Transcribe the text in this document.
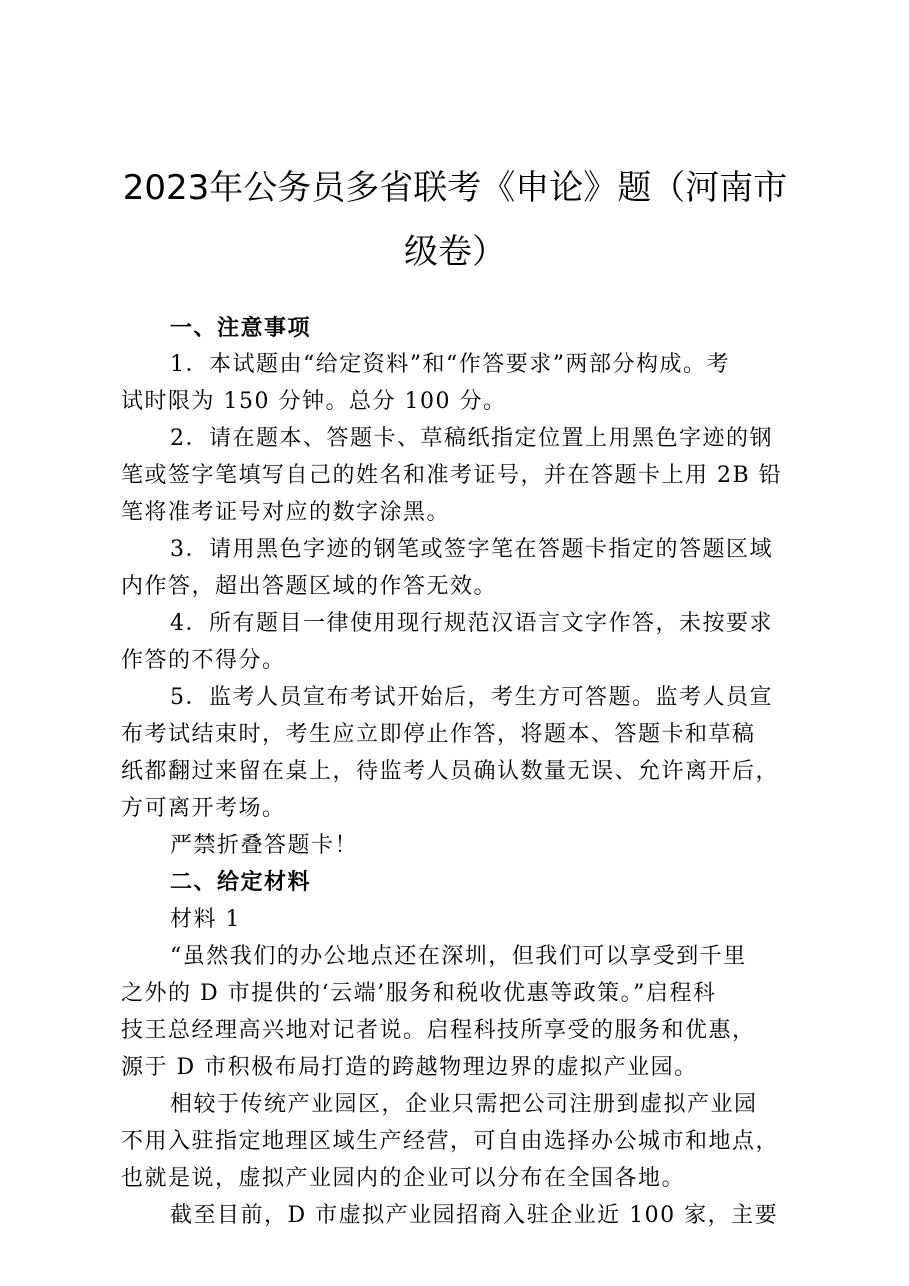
2023年公务员多省联考《申论》题（河南市
级卷）
一、注意事项
1．本试题由“给定资料”和“作答要求”两部分构成。考
试时限为 150 分钟。总分 100 分。
2．请在题本、答题卡、草稿纸指定位置上用黑色字迹的钢
笔或签字笔填写自己的姓名和准考证号，并在答题卡上用 2B 铅
笔将准考证号对应的数字涂黑。
3．请用黑色字迹的钢笔或签字笔在答题卡指定的答题区域
内作答，超出答题区域的作答无效。
4．所有题目一律使用现行规范汉语言文字作答，未按要求
作答的不得分。
5．监考人员宣布考试开始后，考生方可答题。监考人员宣
布考试结束时，考生应立即停止作答，将题本、答题卡和草稿
纸都翻过来留在桌上，待监考人员确认数量无误、允许离开后，
方可离开考场。
严禁折叠答题卡！
二、给定材料
材料 1
“虽然我们的办公地点还在深圳，但我们可以享受到千里
之外的 D 市提供的‘云端’服务和税收优惠等政策。”启程科
技王总经理高兴地对记者说。启程科技所享受的服务和优惠，
源于 D 市积极布局打造的跨越物理边界的虚拟产业园。
相较于传统产业园区，企业只需把公司注册到虚拟产业园
不用入驻指定地理区域生产经营，可自由选择办公城市和地点，
也就是说，虚拟产业园内的企业可以分布在全国各地。
截至目前，D 市虚拟产业园招商入驻企业近 100 家，主要
